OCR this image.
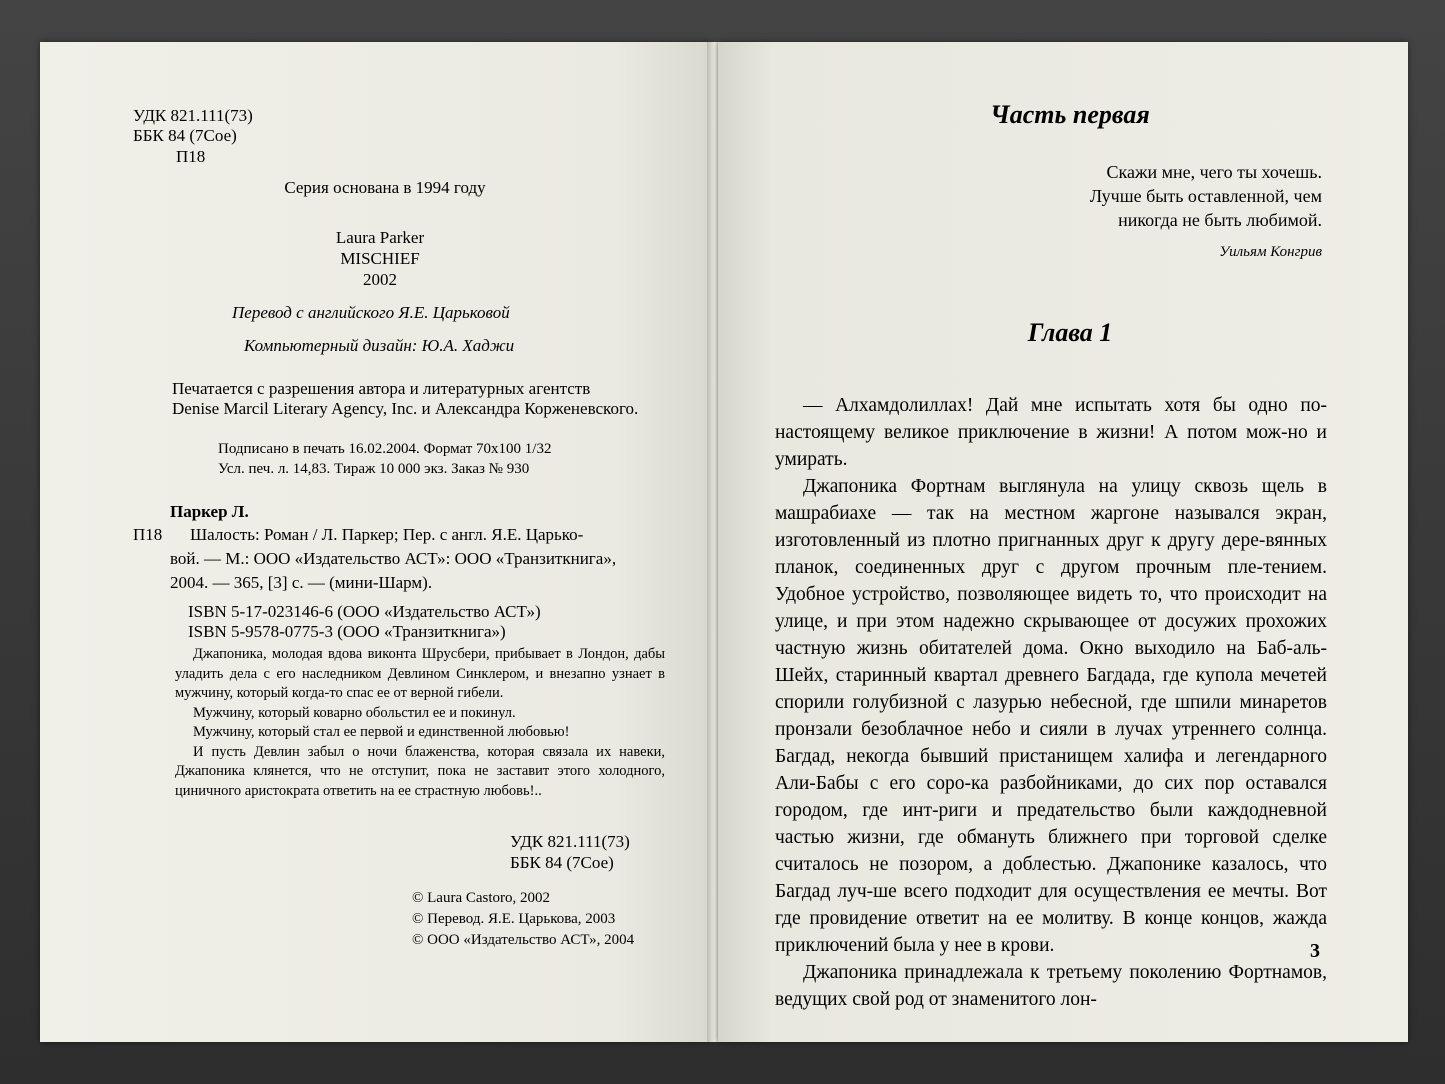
УДК 821.111(73)
ББК 84 (7Сое)
П18
Серия основана в 1994 году
Laura Parker
MISCHIEF
2002
Перевод с английского Я.Е. Царьковой
Компьютерный дизайн: Ю.А. Хаджи
Печатается с разрешения автора и литературных агентств
Denise Marcil Literary Agency, Inc. и Александра Корженевского.
Подписано в печать 16.02.2004. Формат 70x100 1/32
Усл. печ. л. 14,83. Тираж 10 000 экз. Заказ № 930
Паркер Л.
П18 Шалость: Роман / Л. Паркер; Пер. с англ. Я.Е. Царько-
вой. — М.: ООО «Издательство АСТ»: ООО «Транзиткнига»,
2004. — 365, [3] с. — (мини-Шарм).
ISBN 5-17-023146-6 (ООО «Издательство АСТ»)
ISBN 5-9578-0775-3 (ООО «Транзиткнига»)

Джапоника, молодая вдова виконта Шрусбери, прибывает в Лондон, дабы уладить дела с его наследником Девлином Синклером, и внезапно узнает в мужчину, который когда-то спас ее от верной гибели.

Мужчину, который коварно обольстил ее и покинул.

Мужчину, который стал ее первой и единственной любовью!

И пусть Девлин забыл о ночи блаженства, которая связала их навеки, Джапоника клянется, что не отступит, пока не заставит этого холодного, циничного аристократа ответить на ее страстную любовь!..

УДК 821.111(73)
ББК 84 (7Сое)
© Laura Castoro, 2002
© Перевод. Я.Е. Царькова, 2003
© ООО «Издательство АСТ», 2004
Часть первая
Скажи мне, чего ты хочешь.
Лучше быть оставленной, чем
никогда не быть любимой.
Уильям Конгрив
Глава 1

— Алхамдолиллах! Дай мне испытать хотя бы одно по-настоящему великое приключение в жизни! А потом мож-но и умирать.

Джапоника Фортнам выглянула на улицу сквозь щель в машрабиахе — так на местном жаргоне назывался экран, изготовленный из плотно пригнанных друг к другу дере-вянных планок, соединенных друг с другом прочным пле-тением. Удобное устройство, позволяющее видеть то, что происходит на улице, и при этом надежно скрывающее от досужих прохожих частную жизнь обитателей дома. Окно выходило на Баб-аль-Шейх, старинный квартал древнего Багдада, где купола мечетей спорили голубизной с лазурью небесной, где шпили минаретов пронзали безоблачное небо и сияли в лучах утреннего солнца. Багдад, некогда бывший пристанищем халифа и легендарного Али-Бабы с его соро-ка разбойниками, до сих пор оставался городом, где инт-риги и предательство были каждодневной частью жизни, где обмануть ближнего при торговой сделке считалось не позором, а доблестью. Джапонике казалось, что Багдад луч-ше всего подходит для осуществления ее мечты. Вот где провидение ответит на ее молитву. В конце концов, жажда приключений была у нее в крови.

Джапоника принадлежала к третьему поколению Фортнамов, ведущих свой род от знаменитого лон-

3
